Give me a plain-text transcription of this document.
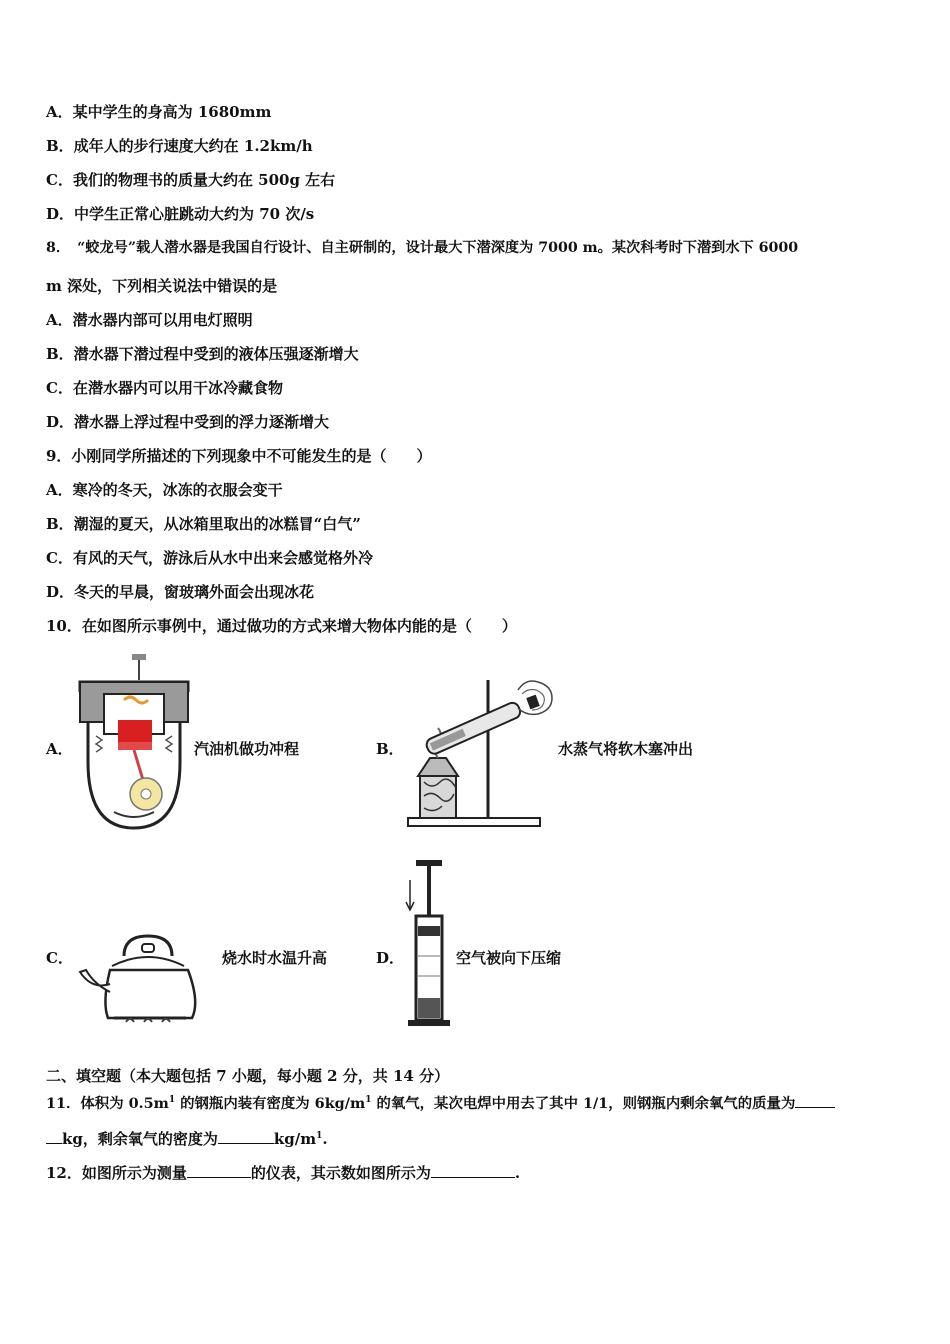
A．某中学生的身高为 1680mm
B．成年人的步行速度大约在 1.2km/h
C．我们的物理书的质量大约在 500g 左右
D．中学生正常心脏跳动大约为 70 次/s
8．　“蛟龙号”载人潜水器是我国自行设计、自主研制的，设计最大下潜深度为 7000 m。某次科考时下潜到水下 6000
m 深处，下列相关说法中错误的是
A．潜水器内部可以用电灯照明
B．潜水器下潜过程中受到的液体压强逐渐增大
C．在潜水器内可以用干冰冷藏食物
D．潜水器上浮过程中受到的浮力逐渐增大
9．小刚同学所描述的下列现象中不可能发生的是（　　）
A．寒冷的冬天，冰冻的衣服会变干
B．潮湿的夏天，从冰箱里取出的冰糕冒“白气”
C．有风的天气，游泳后从水中出来会感觉格外冷
D．冬天的早晨，窗玻璃外面会出现冰花
10．在如图所示事例中，通过做功的方式来增大物体内能的是（　　）
A．	汽油机做功冲程	B．	水蒸气将软木塞冲出
C．	烧水时水温升高	D．	空气被向下压缩
二、填空题（本大题包括 7 小题，每小题 2 分，共 14 分）
11．体积为 $0.5m^1$ 的钢瓶内装有密度为 $6kg/m^1$ 的氧气，某次电焊中用去了其中 1/1，则钢瓶内剩余氧气的质量为
kg，剩余氧气的密度为	$kg/m^1$.
12．如图所示为测量	的仪表，其示数如图所示为	.
